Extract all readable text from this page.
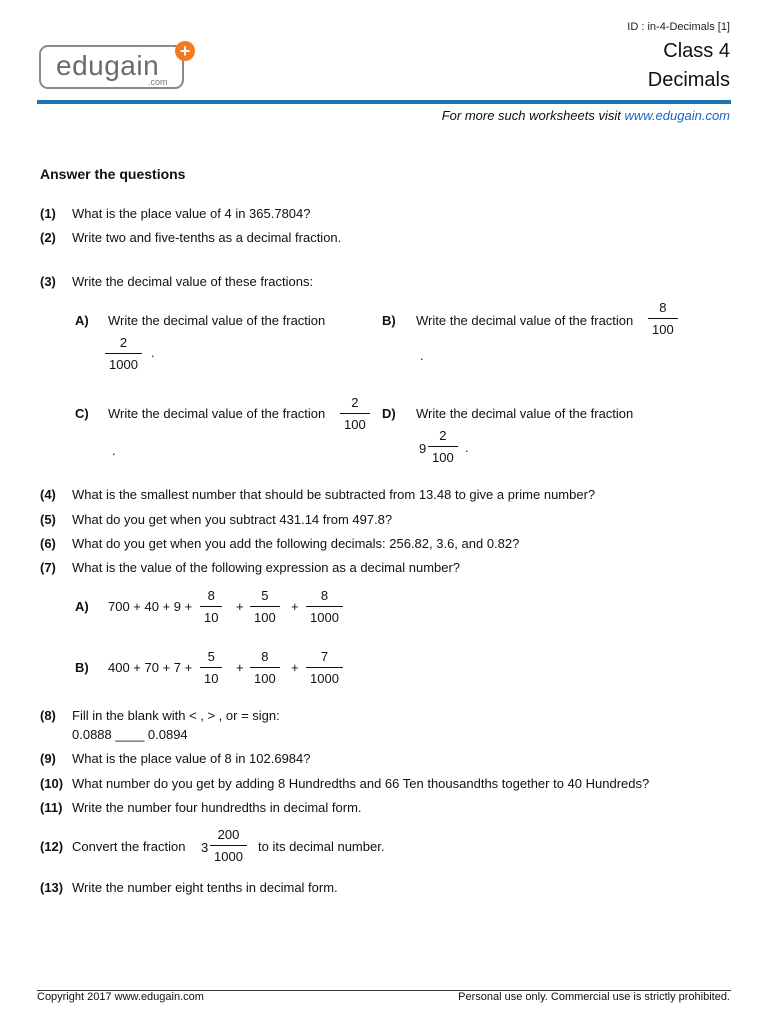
ID : in-4-Decimals [1]
Class 4
Decimals
edugain
.com
+
For more such worksheets visit www.edugain.com
Answer the questions
(1) What is the place value of 4 in 365.7804?
(2) Write two and five-tenths as a decimal fraction.
(3) Write the decimal value of these fractions:
A) Write the decimal value of the fraction
$\frac{2}{1000}$ .
B) Write the decimal value of the fraction $\frac{8}{100}$
.
C) Write the decimal value of the fraction $\frac{2}{100}$
.
D) Write the decimal value of the fraction
$9 \frac{2}{100}$ .
(4) What is the smallest number that should be subtracted from 13.48 to give a prime number?
(5) What do you get when you subtract 431.14 from 497.8?
(6) What do you get when you add the following decimals: 256.82, 3.6, and 0.82?
(7) What is the value of the following expression as a decimal number?
A) $700 + 40 + 9 + \frac{8}{10} + \frac{5}{100} + \frac{8}{1000}$
B) $400 + 70 + 7 + \frac{5}{10} + \frac{8}{100} + \frac{7}{1000}$
(8) Fill in the blank with < , > , or = sign:
0.0888 ____ 0.0894
(9) What is the place value of 8 in 102.6984?
(10) What number do you get by adding 8 Hundredths and 66 Ten thousandths together to 40 Hundreds?
(11) Write the number four hundredths in decimal form.
(12) Convert the fraction $3 \frac{200}{1000}$ to its decimal number.
(13) Write the number eight tenths in decimal form.
Copyright 2017 www.edugain.com	Personal use only. Commercial use is strictly prohibited.
